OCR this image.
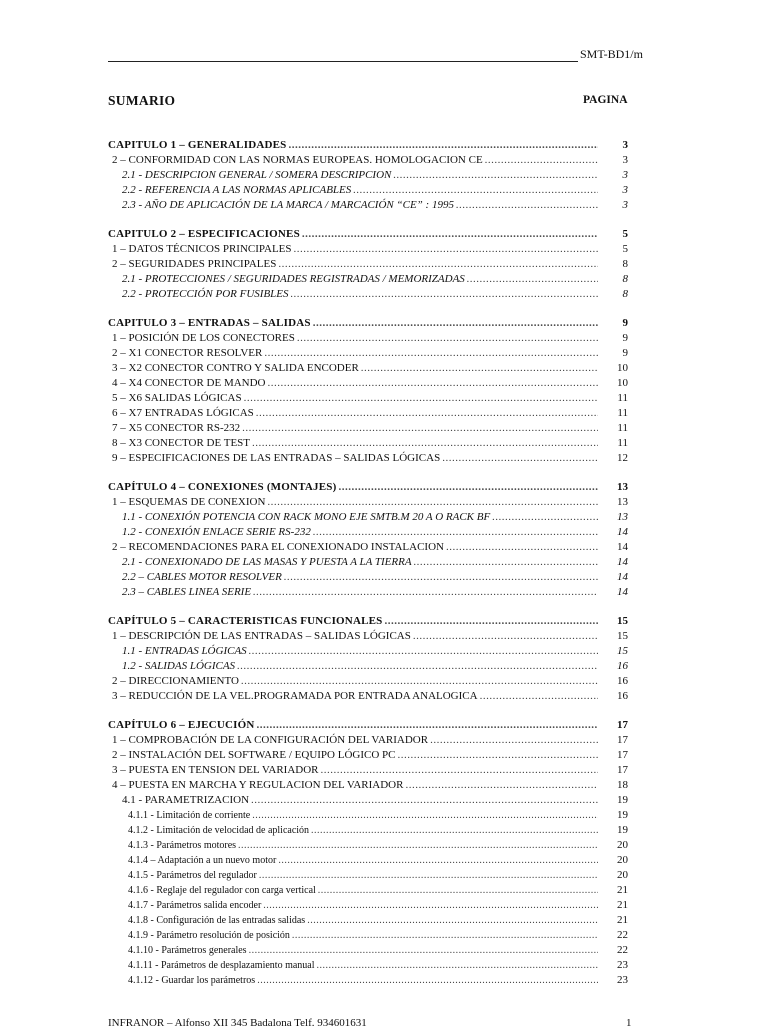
SMT-BD1/m
SUMARIO	PAGINA
CAPITULO 1 – GENERALIDADES .....	3
2 – CONFORMIDAD CON LAS NORMAS EUROPEAS. HOMOLOGACION CE .....	3
2.1 - DESCRIPCION GENERAL / SOMERA DESCRIPCION .....	3
2.2 - REFERENCIA A LAS NORMAS APLICABLES .....	3
2.3 - AÑO DE APLICACIÓN DE LA MARCA / MARCACIÓN “CE” : 1995 .....	3
CAPITULO 2 – ESPECIFICACIONES .....	5
1 – DATOS TÉCNICOS PRINCIPALES .....	5
2 – SEGURIDADES PRINCIPALES .....	8
2.1 - PROTECCIONES / SEGURIDADES REGISTRADAS / MEMORIZADAS .....	8
2.2 - PROTECCIÓN POR FUSIBLES .....	8
CAPITULO 3 – ENTRADAS – SALIDAS .....	9
1 – POSICIÓN DE LOS CONECTORES .....	9
2 – X1 CONECTOR RESOLVER .....	9
3 – X2 CONECTOR CONTRO Y SALIDA ENCODER .....	10
4 – X4 CONECTOR DE MANDO .....	10
5 – X6 SALIDAS LÓGICAS .....	11
6 – X7 ENTRADAS LÓGICAS .....	11
7 – X5 CONECTOR RS-232 .....	11
8 – X3 CONECTOR DE TEST .....	11
9 – ESPECIFICACIONES DE LAS ENTRADAS – SALIDAS LÓGICAS .....	12
CAPÍTULO 4 – CONEXIONES (MONTAJES) .....	13
1 – ESQUEMAS DE CONEXION .....	13
1.1 - CONEXIÓN POTENCIA CON RACK MONO EJE SMTB.M 20 A O RACK BF .....	13
1.2 - CONEXIÓN ENLACE SERIE RS-232 .....	14
2 – RECOMENDACIONES PARA EL CONEXIONADO INSTALACION .....	14
2.1 - CONEXIONADO DE LAS MASAS Y PUESTA A LA TIERRA .....	14
2.2 – CABLES MOTOR RESOLVER .....	14
2.3 – CABLES LINEA SERIE .....	14
CAPÍTULO 5 – CARACTERISTICAS FUNCIONALES .....	15
1 – DESCRIPCIÓN DE LAS ENTRADAS – SALIDAS LÓGICAS .....	15
1.1 - ENTRADAS LÓGICAS .....	15
1.2 - SALIDAS LÓGICAS .....	16
2 – DIRECCIONAMIENTO .....	16
3 – REDUCCIÓN DE LA VEL.PROGRAMADA POR ENTRADA ANALOGICA .....	16
CAPÍTULO 6 – EJECUCIÓN .....	17
1 – COMPROBACIÓN DE LA CONFIGURACIÓN DEL VARIADOR .....	17
2 – INSTALACIÓN DEL SOFTWARE / EQUIPO LÓGICO PC .....	17
3 – PUESTA EN TENSION DEL VARIADOR .....	17
4 – PUESTA EN MARCHA Y REGULACION DEL VARIADOR .....	18
4.1 - PARAMETRIZACION .....	19
4.1.1 - Limitación de corriente .....	19
4.1.2 - Limitación de velocidad de aplicación .....	19
4.1.3 - Parámetros motores .....	20
4.1.4 – Adaptación a un nuevo motor .....	20
4.1.5 - Parámetros del regulador .....	20
4.1.6 - Reglaje del regulador con carga vertical .....	21
4.1.7 - Parámetros salida encoder .....	21
4.1.8 - Configuración de las entradas salidas .....	21
4.1.9 - Parámetro resolución de posición .....	22
4.1.10 - Parámetros generales .....	22
4.1.11 - Parámetros de desplazamiento manual .....	23
4.1.12 - Guardar los parámetros .....	23
INFRANOR – Alfonso XII 345 Badalona Telf. 934601631	1
